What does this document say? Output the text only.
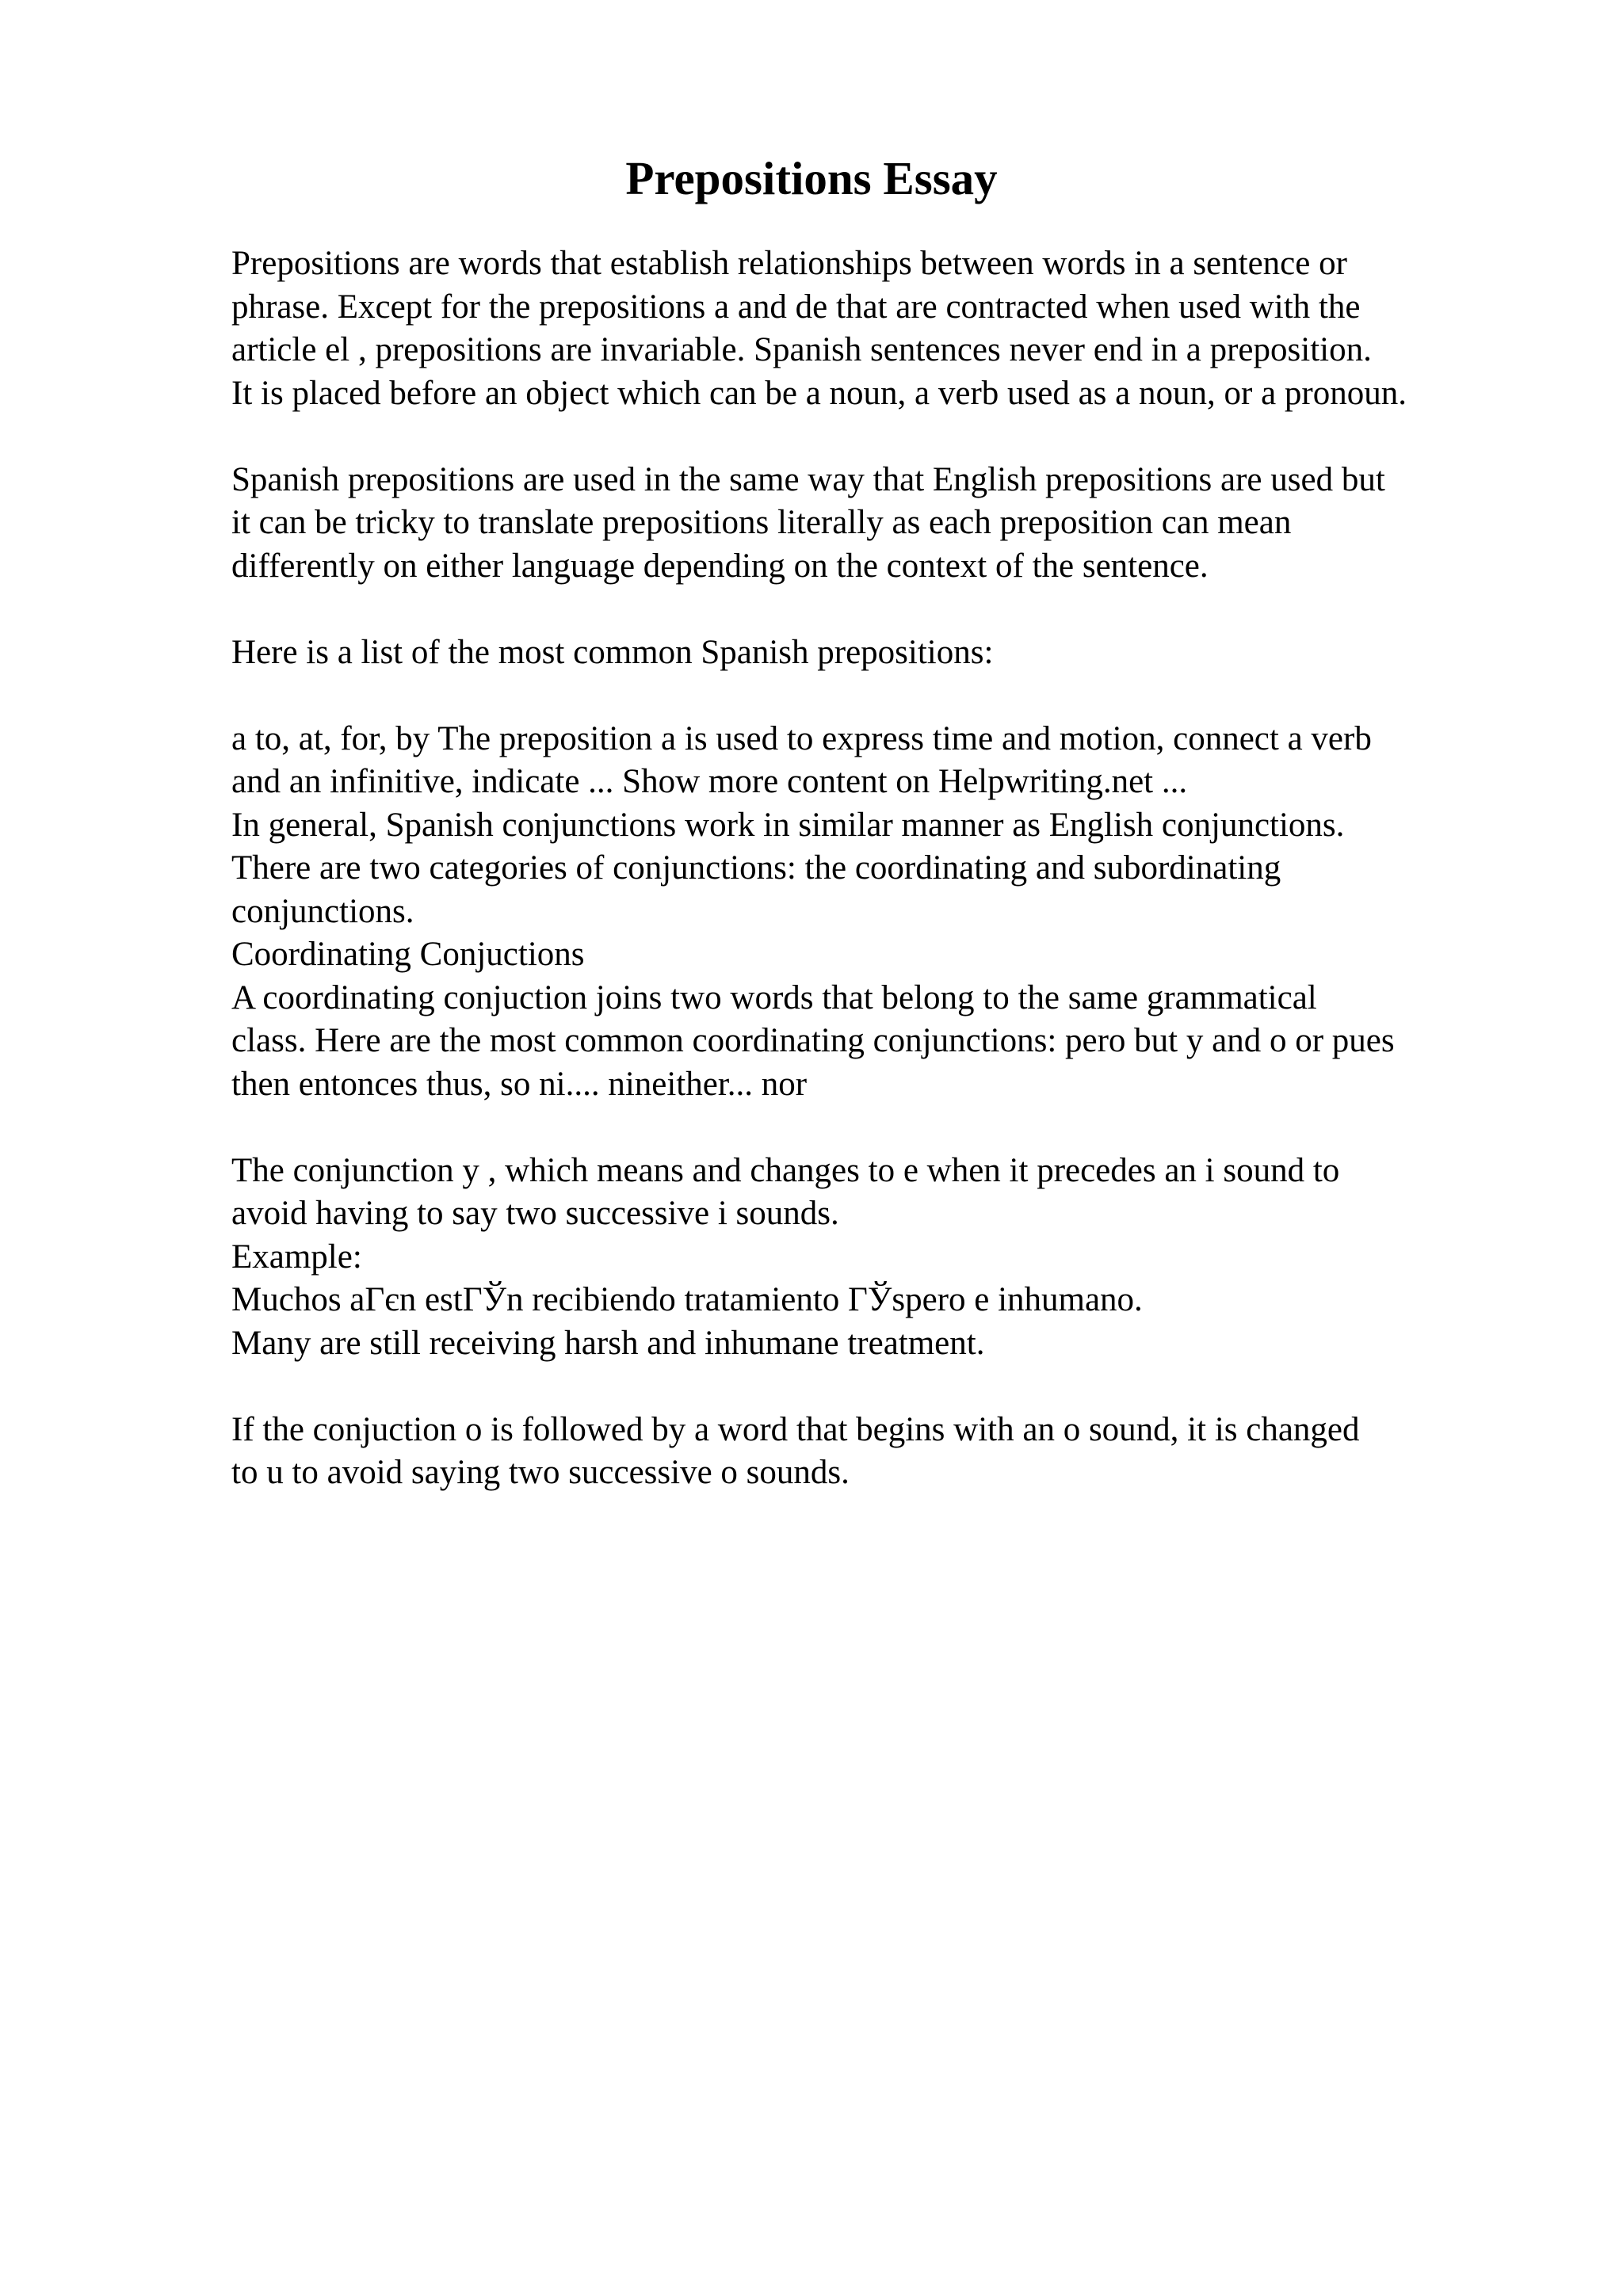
Prepositions Essay
Prepositions are words that establish relationships between words in a sentence or
phrase. Except for the prepositions a and de that are contracted when used with the
article el , prepositions are invariable. Spanish sentences never end in a preposition.
It is placed before an object which can be a noun, a verb used as a noun, or a pronoun.
Spanish prepositions are used in the same way that English prepositions are used but
it can be tricky to translate prepositions literally as each preposition can mean
differently on either language depending on the context of the sentence.
Here is a list of the most common Spanish prepositions:
a to, at, for, by The preposition a is used to express time and motion, connect a verb
and an infinitive, indicate ... Show more content on Helpwriting.net ...
In general, Spanish conjunctions work in similar manner as English conjunctions.
There are two categories of conjunctions: the coordinating and subordinating
conjunctions.
Coordinating Conjuctions
A coordinating conjuction joins two words that belong to the same grammatical
class. Here are the most common coordinating conjunctions: pero but y and o or pues
then entonces thus, so ni.... nineither... nor
The conjunction y , which means and changes to e when it precedes an i sound to
avoid having to say two successive i sounds.
Example:
Muchos aГєn estГЎn recibiendo tratamiento ГЎspero e inhumano.
Many are still receiving harsh and inhumane treatment.
If the conjuction o is followed by a word that begins with an o sound, it is changed
to u to avoid saying two successive o sounds.
